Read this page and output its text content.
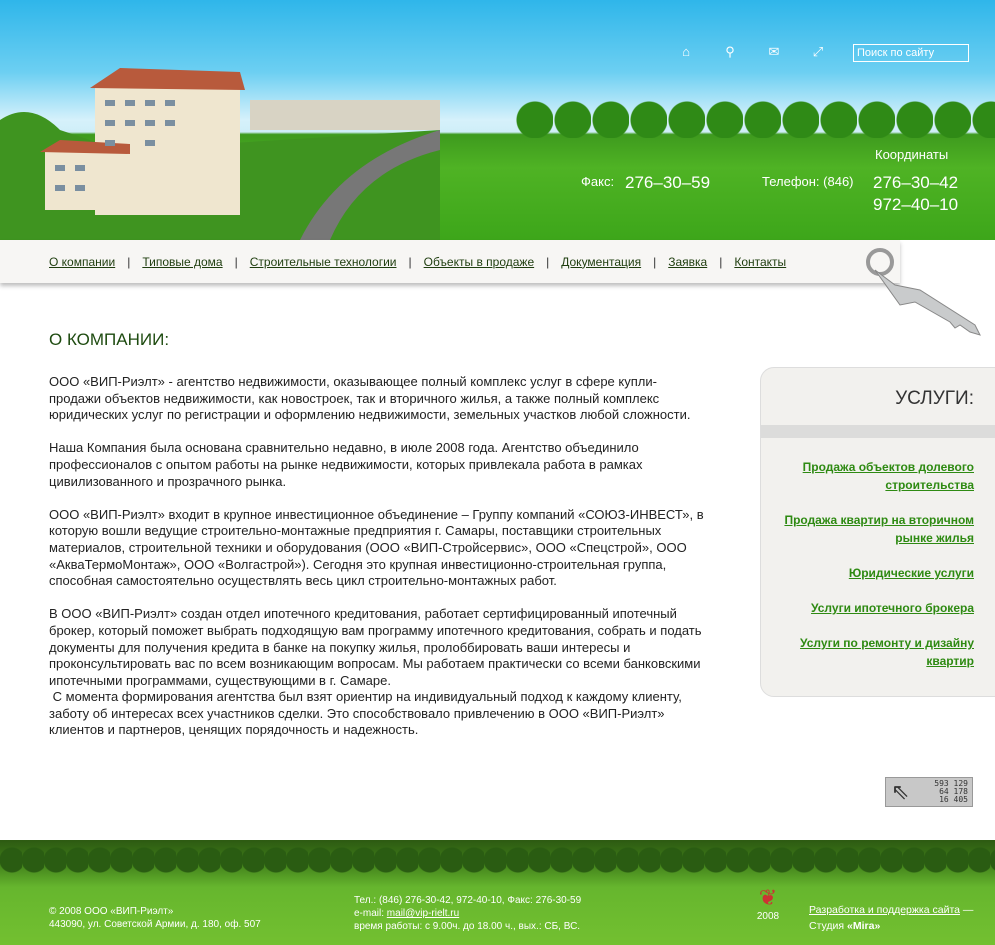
⌂	⚲	✉	⤢
Поиск по сайту
Координаты
Факс: 276–30–59	Телефон: (846) 276–30–42
972–40–10
О компании | Типовые дома | Строительные технологии | Объекты в продаже | Документация | Заявка | Контакты
О КОМПАНИИ:

ООО «ВИП-Риэлт» - агентство недвижимости, оказывающее полный комплекс услуг в сфере купли-продажи объектов недвижимости, как новостроек, так и вторичного жилья, а также полный комплекс юридических услуг по регистрации и оформлению недвижимости, земельных участков любой сложности.

Наша Компания была основана сравнительно недавно, в июле 2008 года. Агентство объединило профессионалов с опытом работы на рынке недвижимости, которых привлекала работа в рамках цивилизованного и прозрачного рынка.

ООО «ВИП-Риэлт» входит в крупное инвестиционное объединение – Группу компаний «СОЮЗ-ИНВЕСТ», в которую вошли ведущие строительно-монтажные предприятия г. Самары, поставщики строительных материалов, строительной техники и оборудования (ООО «ВИП-Стройсервис», ООО «Спецстрой», ООО «АкваТермоМонтаж», ООО «Волгастрой»). Сегодня это крупная инвестиционно-строительная группа, способная самостоятельно осуществлять весь цикл строительно-монтажных работ.

В ООО «ВИП-Риэлт» создан отдел ипотечного кредитования, работает сертифицированный ипотечный брокер, который поможет выбрать подходящую вам программу ипотечного кредитования, собрать и подать документы для получения кредита в банке на покупку жилья, пролоббировать ваши интересы и проконсультировать вас по всем возникающим вопросам. Мы работаем практически со всеми банковскими ипотечными программами, существующими в г. Самаре.
С момента формирования агентства был взят ориентир на индивидуальный подход к каждому клиенту, заботу об интересах всех участников сделки. Это способствовало привлечению в ООО «ВИП-Риэлт» клиентов и партнеров, ценящих порядочность и надежность.
УСЛУГИ:
Продажа объектов долевого строительства
Продажа квартир на вторичном рынке жилья
Юридические услуги
Услуги ипотечного брокера
Услуги по ремонту и дизайну квартир
⇖	593 129
64 178
16 405
© 2008 ООО «ВИП-Риэлт»
443090, ул. Советской Армии, д. 180, оф. 507
Тел.: (846) 276-30-42, 972-40-10, Факс: 276-30-59
e-mail: mail@vip-rielt.ru
время работы: с 9.00ч. до 18.00 ч., вых.: СБ, ВС.
Разработка и поддержка сайта —
Студия «Mira»
❦
2008
